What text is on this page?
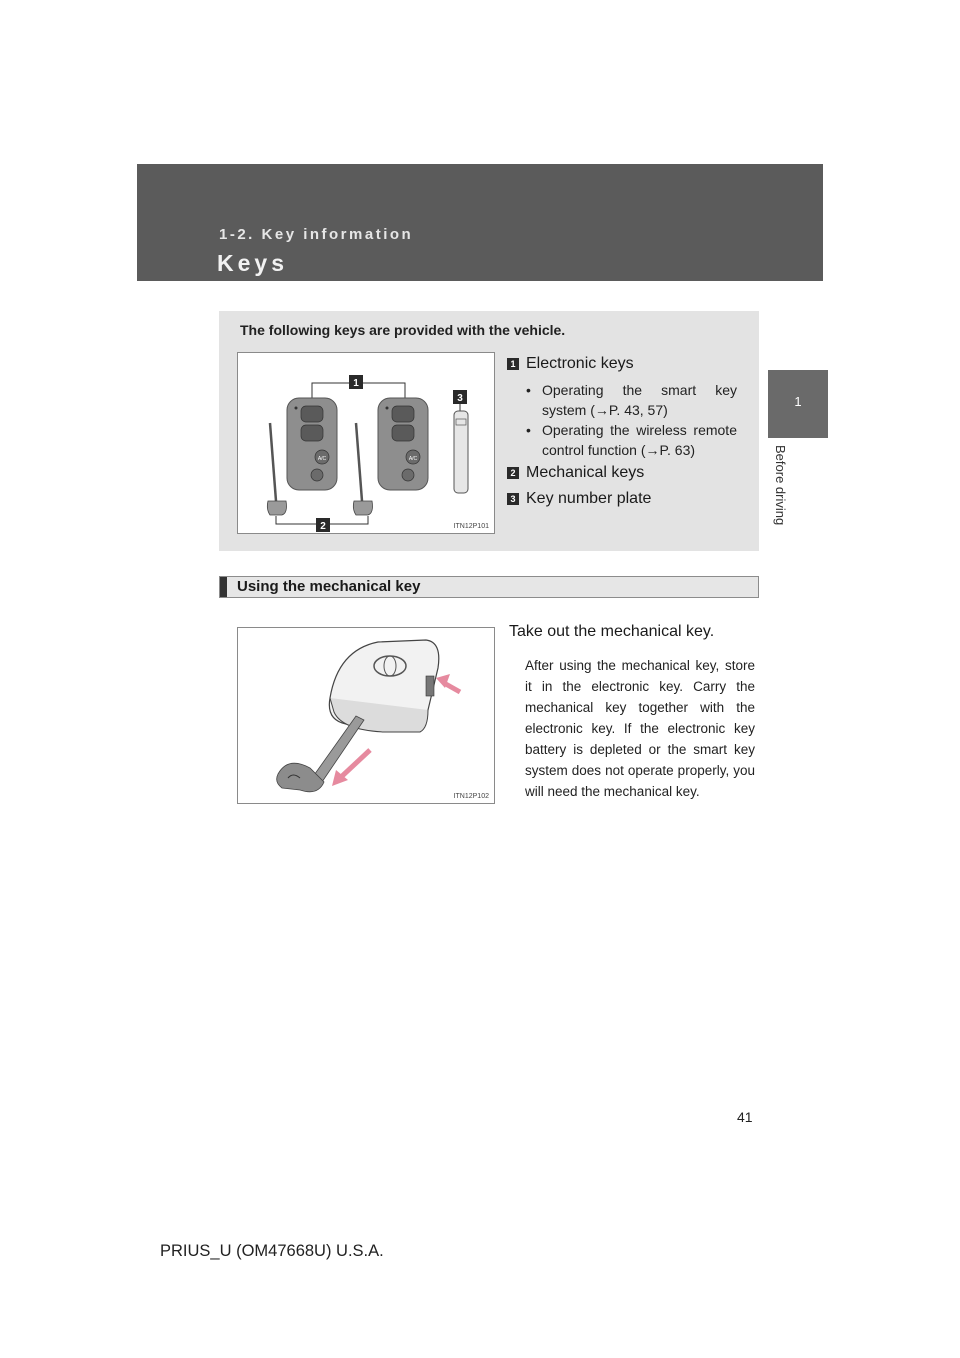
1-2. Key information
Keys
1
Before driving
The following keys are provided with the vehicle.
1
3
A/C	A/C
2	ITN12P101
1 Electronic keys
• Operating the smart key system (→P. 43, 57)
• Operating the wireless remote control function (→P. 63)
2 Mechanical keys
3 Key number plate
Using the mechanical key
ITN12P102
Take out the mechanical key.
After using the mechanical key, store it in the electronic key. Carry the mechanical key together with the electronic key. If the electronic key battery is depleted or the smart key system does not operate properly, you will need the mechanical key.
41
PRIUS_U (OM47668U) U.S.A.
